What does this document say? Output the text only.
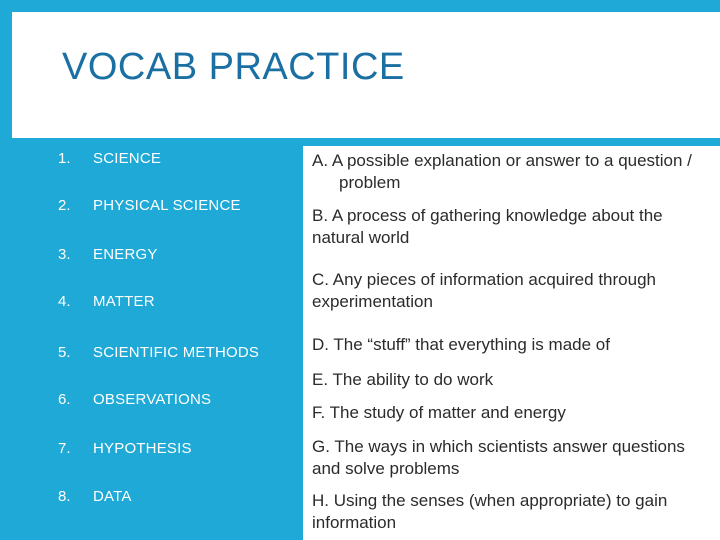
VOCAB PRACTICE
1. SCIENCE
2. PHYSICAL SCIENCE
3. ENERGY
4. MATTER
5. SCIENTIFIC METHODS
6. OBSERVATIONS
7. HYPOTHESIS
8. DATA
A. A possible explanation or answer to a question / problem
B. A process of gathering knowledge about the natural world
C. Any pieces of information acquired through experimentation
D. The “stuff” that everything is made of
E. The ability to do work
F. The study of matter and energy
G. The ways in which scientists answer questions and solve problems
H. Using the senses (when appropriate) to gain information
